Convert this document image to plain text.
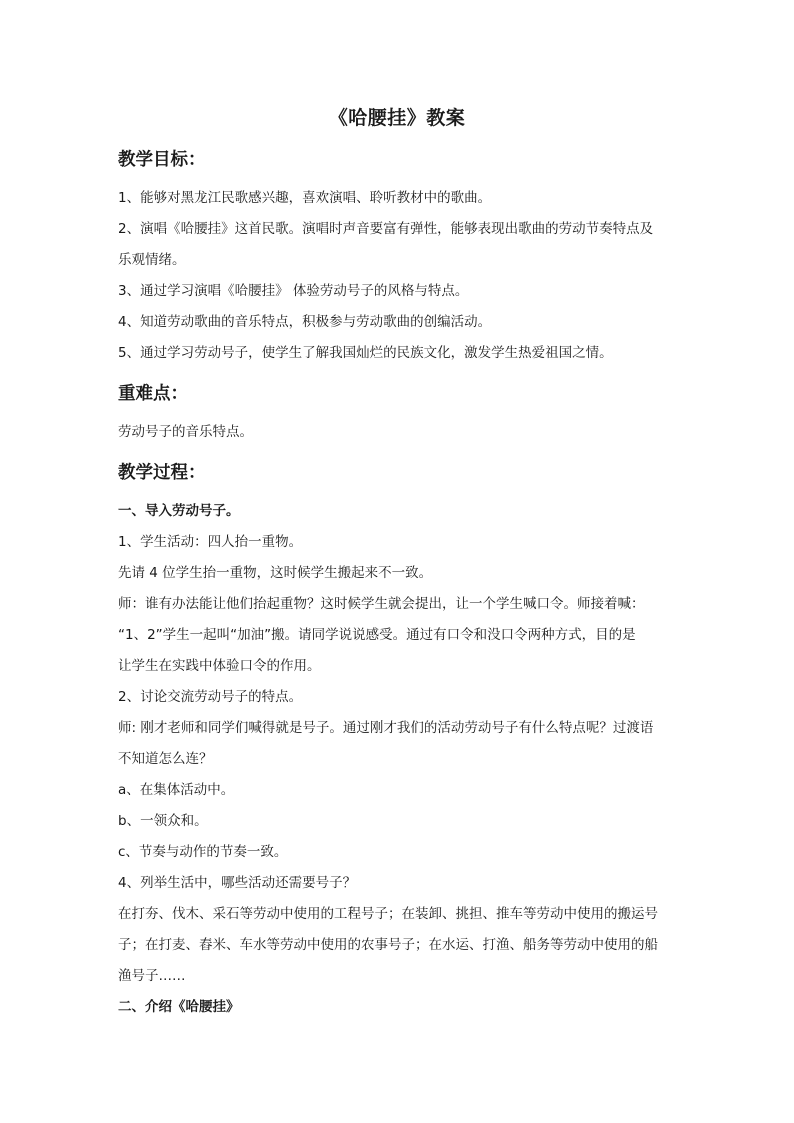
《哈腰挂》教案
教学目标：
1、能够对黑龙江民歌感兴趣，喜欢演唱、聆听教材中的歌曲。
2、演唱《哈腰挂》这首民歌。演唱时声音要富有弹性，能够表现出歌曲的劳动节奏特点及
乐观情绪。
3、通过学习演唱《哈腰挂》 体验劳动号子的风格与特点。
4、知道劳动歌曲的音乐特点，积极参与劳动歌曲的创编活动。
5、通过学习劳动号子，使学生了解我国灿烂的民族文化，激发学生热爱祖国之情。
重难点：
劳动号子的音乐特点。
教学过程：
一、导入劳动号子。
1、学生活动：四人抬一重物。
先请 4 位学生抬一重物，这时候学生搬起来不一致。
师：谁有办法能让他们抬起重物？这时候学生就会提出，让一个学生喊口令。师接着喊：
“1、2”学生一起叫“加油”搬。请同学说说感受。通过有口令和没口令两种方式，目的是
让学生在实践中体验口令的作用。
2、讨论交流劳动号子的特点。
师: 刚才老师和同学们喊得就是号子。通过刚才我们的活动劳动号子有什么特点呢？过渡语
不知道怎么连？
a、在集体活动中。
b、一领众和。
c、节奏与动作的节奏一致。
4、列举生活中，哪些活动还需要号子？
在打夯、伐木、采石等劳动中使用的工程号子；在装卸、挑担、推车等劳动中使用的搬运号
子；在打麦、舂米、车水等劳动中使用的农事号子；在水运、打渔、船务等劳动中使用的船
渔号子……
二、介绍《哈腰挂》
